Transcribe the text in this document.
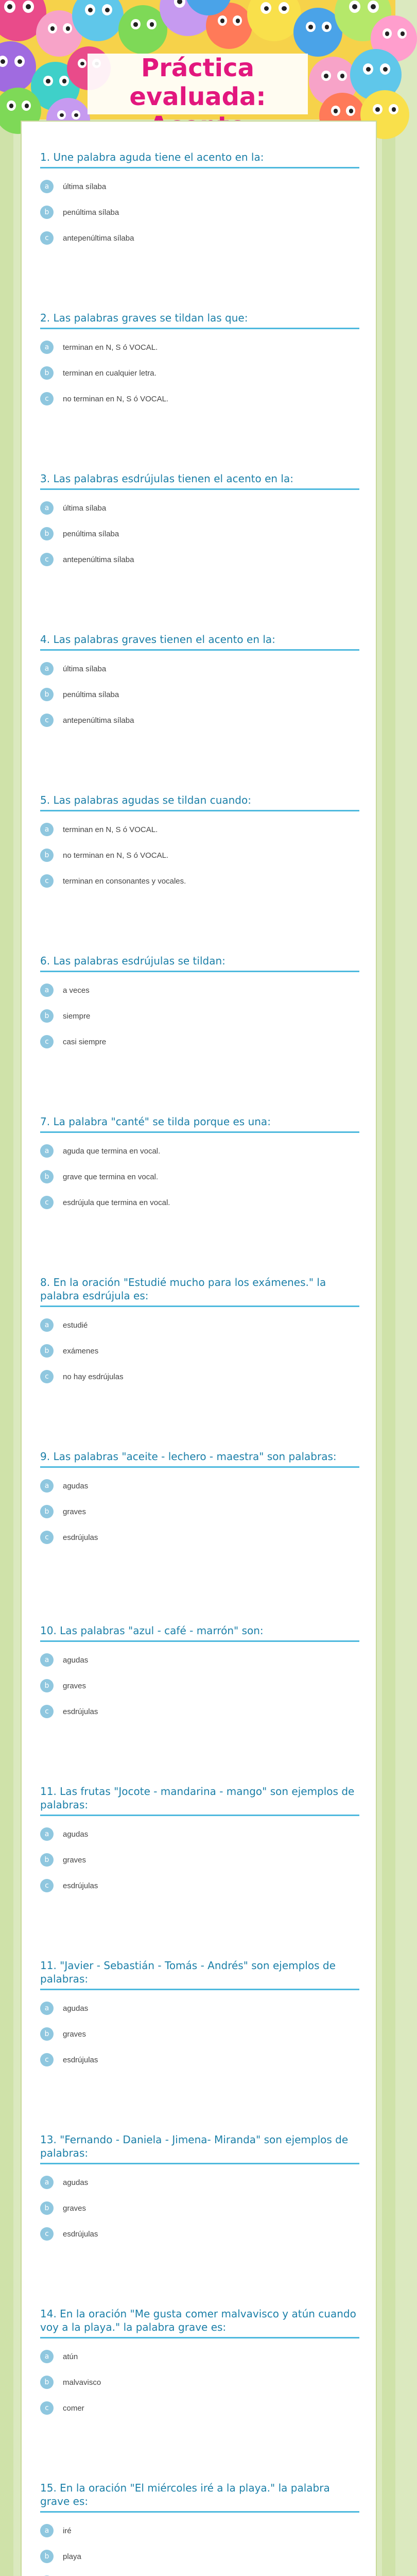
Práctica evaluada:
1. Une palabra aguda tiene el acento en la:
a	última sílaba
b	penúltima sílaba
c	antepenúltima sílaba
2. Las palabras graves se tildan las que:
a	terminan en N, S ó VOCAL.
b	terminan en cualquier letra.
c	no terminan en N, S ó VOCAL.
3. Las palabras esdrújulas tienen el acento en la:
a	última sílaba
b	penúltima sílaba
c	antepenúltima sílaba
4. Las palabras graves tienen el acento en la:
a	última sílaba
b	penúltima sílaba
c	antepenúltima sílaba
5. Las palabras agudas se tildan cuando:
a	terminan en N, S ó VOCAL.
b	no terminan en N, S ó VOCAL.
c	terminan en consonantes y vocales.
6. Las palabras esdrújulas se tildan:
a	a veces
b	siempre
c	casi siempre
7. La palabra "canté" se tilda porque es una:
a	aguda que termina en vocal.
b	grave que termina en vocal.
c	esdrújula que termina en vocal.
8. En la oración "Estudié mucho para los exámenes." la palabra esdrújula es:
a	estudié
b	exámenes
c	no hay esdrújulas
9. Las palabras "aceite - lechero - maestra" son palabras:
a	agudas
b	graves
c	esdrújulas
10. Las palabras "azul - café - marrón" son:
a	agudas
b	graves
c	esdrújulas
11. Las frutas "Jocote - mandarina - mango" son ejemplos de palabras:
a	agudas
b	graves
c	esdrújulas
11. "Javier - Sebastián - Tomás - Andrés" son ejemplos de palabras:
a	agudas
b	graves
c	esdrújulas
13. "Fernando - Daniela - Jimena- Miranda" son ejemplos de palabras:
a	agudas
b	graves
c	esdrújulas
14. En la oración "Me gusta comer malvavisco y atún cuando voy a la playa." la palabra grave es:
a	atún
b	malvavisco
c	comer
15. En la oración "El miércoles iré a la playa." la palabra grave es:
a	iré
b	playa
